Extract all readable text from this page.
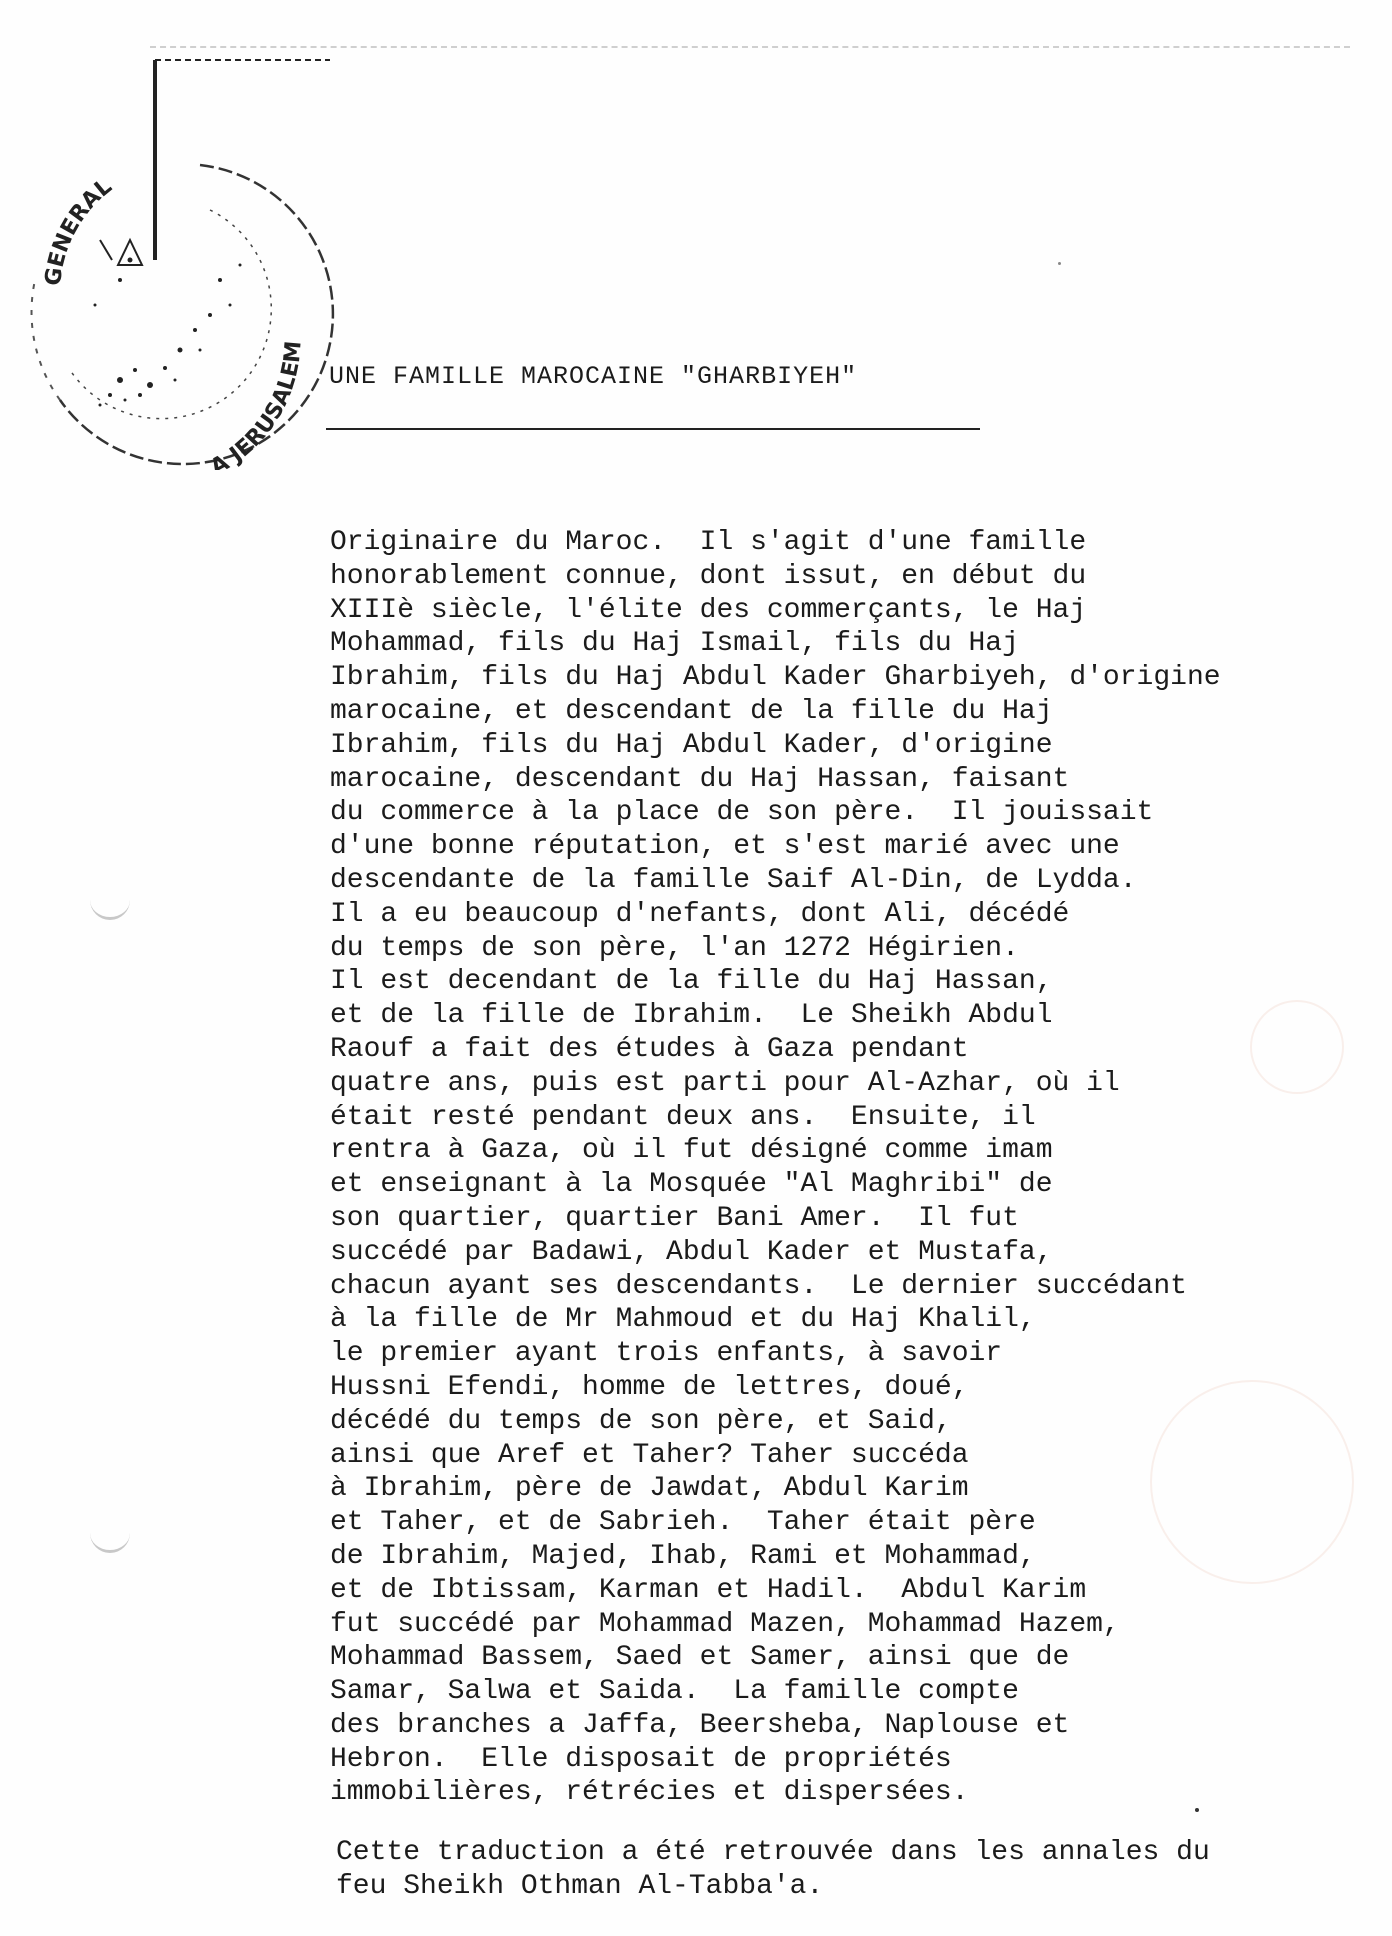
GENERAL
A JERUSALEM
UNE FAMILLE MAROCAINE "GHARBIYEH"
Originaire du Maroc.  Il s'agit d'une famille
honorablement connue, dont issut, en début du
XIIIè siècle, l'élite des commerçants, le Haj
Mohammad, fils du Haj Ismail, fils du Haj
Ibrahim, fils du Haj Abdul Kader Gharbiyeh, d'origine
marocaine, et descendant de la fille du Haj
Ibrahim, fils du Haj Abdul Kader, d'origine
marocaine, descendant du Haj Hassan, faisant
du commerce à la place de son père.  Il jouissait
d'une bonne réputation, et s'est marié avec une
descendante de la famille Saif Al-Din, de Lydda.
Il a eu beaucoup d'nefants, dont Ali, décédé
du temps de son père, l'an 1272 Hégirien.
Il est decendant de la fille du Haj Hassan,
et de la fille de Ibrahim.  Le Sheikh Abdul
Raouf a fait des études à Gaza pendant
quatre ans, puis est parti pour Al-Azhar, où il
était resté pendant deux ans.  Ensuite, il
rentra à Gaza, où il fut désigné comme imam
et enseignant à la Mosquée "Al Maghribi" de
son quartier, quartier Bani Amer.  Il fut
succédé par Badawi, Abdul Kader et Mustafa,
chacun ayant ses descendants.  Le dernier succédant
à la fille de Mr Mahmoud et du Haj Khalil,
le premier ayant trois enfants, à savoir
Hussni Efendi, homme de lettres, doué,
décédé du temps de son père, et Said,
ainsi que Aref et Taher? Taher succéda
à Ibrahim, père de Jawdat, Abdul Karim
et Taher, et de Sabrieh.  Taher était père
de Ibrahim, Majed, Ihab, Rami et Mohammad,
et de Ibtissam, Karman et Hadil.  Abdul Karim
fut succédé par Mohammad Mazen, Mohammad Hazem,
Mohammad Bassem, Saed et Samer, ainsi que de
Samar, Salwa et Saida.  La famille compte
des branches a Jaffa, Beersheba, Naplouse et
Hebron.  Elle disposait de propriétés
immobilières, rétrécies et dispersées.
Cette traduction a été retrouvée dans les annales du
feu Sheikh Othman Al-Tabba'a.
